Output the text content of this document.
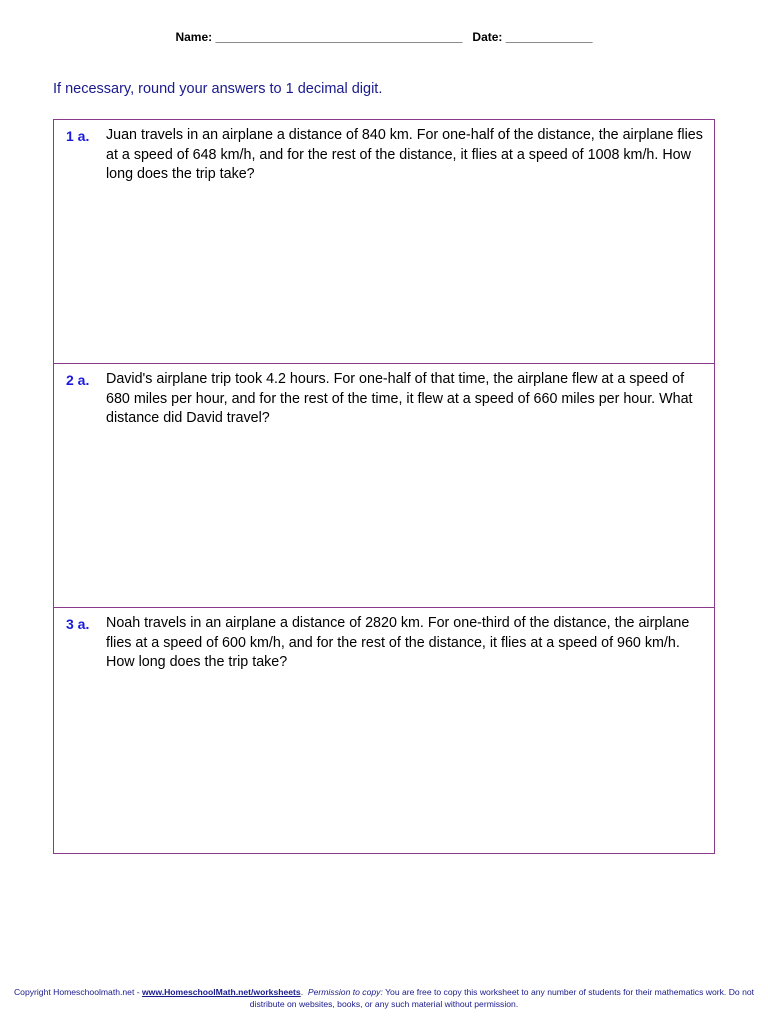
Name: _____________________________________ Date: _____________
If necessary, round your answers to 1 decimal digit.
1 a.	Juan travels in an airplane a distance of 840 km. For one-half of the distance, the airplane flies at a speed of 648 km/h, and for the rest of the distance, it flies at a speed of 1008 km/h. How long does the trip take?
2 a.	David's airplane trip took 4.2 hours. For one-half of that time, the airplane flew at a speed of 680 miles per hour, and for the rest of the time, it flew at a speed of 660 miles per hour. What distance did David travel?
3 a.	Noah travels in an airplane a distance of 2820 km. For one-third of the distance, the airplane flies at a speed of 600 km/h, and for the rest of the distance, it flies at a speed of 960 km/h. How long does the trip take?
Copyright Homeschoolmath.net - www.HomeschoolMath.net/worksheets. Permission to copy: You are free to copy this worksheet to any number of students for their mathematics work. Do not distribute on websites, books, or any such material without permission.
